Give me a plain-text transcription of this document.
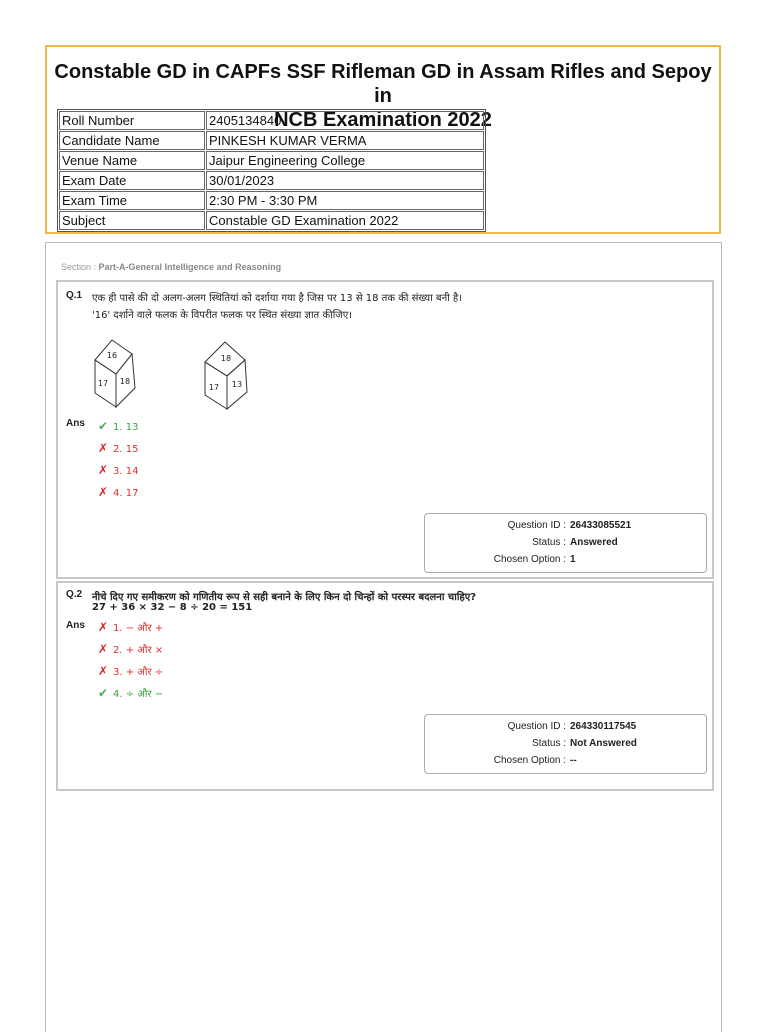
Constable GD in CAPFs SSF Rifleman GD in Assam Rifles and Sepoy in
NCB Examination 2022
Roll Number	2405134840
Candidate Name	PINKESH KUMAR VERMA
Venue Name	Jaipur Engineering College
Exam Date	30/01/2023
Exam Time	2:30 PM - 3:30 PM
Subject	Constable GD Examination 2022
Section : Part-A-General Intelligence and Reasoning
Q.1 एक ही पासे की दो अलग-अलग स्थितियां को दर्शाया गया है जिस पर 13 से 18 तक की संख्या बनी है।
'16' दर्शाने वाले फलक के विपरीत फलक पर स्थित संख्या ज्ञात कीजिए।
16
17 18
18
17 13
Ans ✔ 1. 13
✗ 2. 15
✗ 3. 14
✗ 4. 17
Question ID : 26433085521
Status : Answered
Chosen Option : 1
Q.2 नीचे दिए गए समीकरण को गणितीय रूप से सही बनाने के लिए किन दो चिन्हों को परस्पर बदलना चाहिए?
27 + 36 × 32 − 8 ÷ 20 = 151
Ans ✗ 1. − और +
✗ 2. + और ×
✗ 3. + और ÷
✔ 4. ÷ और −
Question ID : 264330117545
Status : Not Answered
Chosen Option : --
